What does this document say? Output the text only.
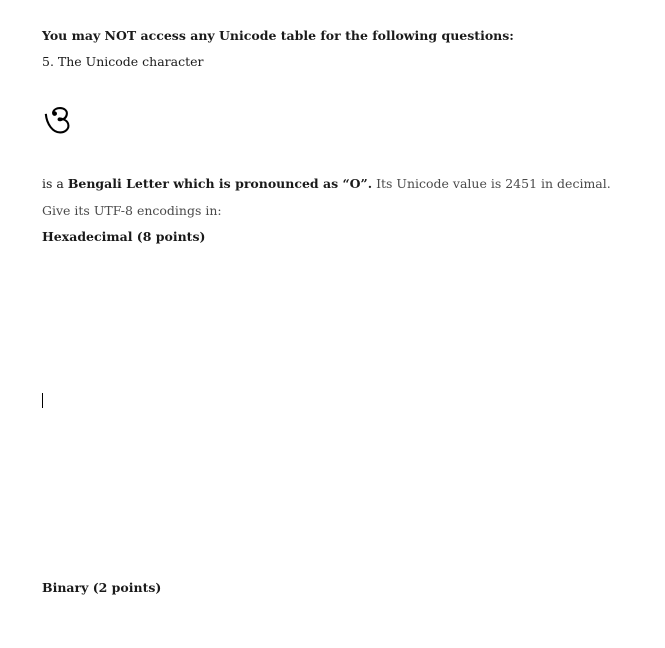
You may NOT access any Unicode table for the following questions:
5. The Unicode character
ও
is a Bengali Letter which is pronounced as “O”. Its Unicode value is 2451 in decimal.
Give its UTF-8 encodings in:
Hexadecimal (8 points)
Binary (2 points)
